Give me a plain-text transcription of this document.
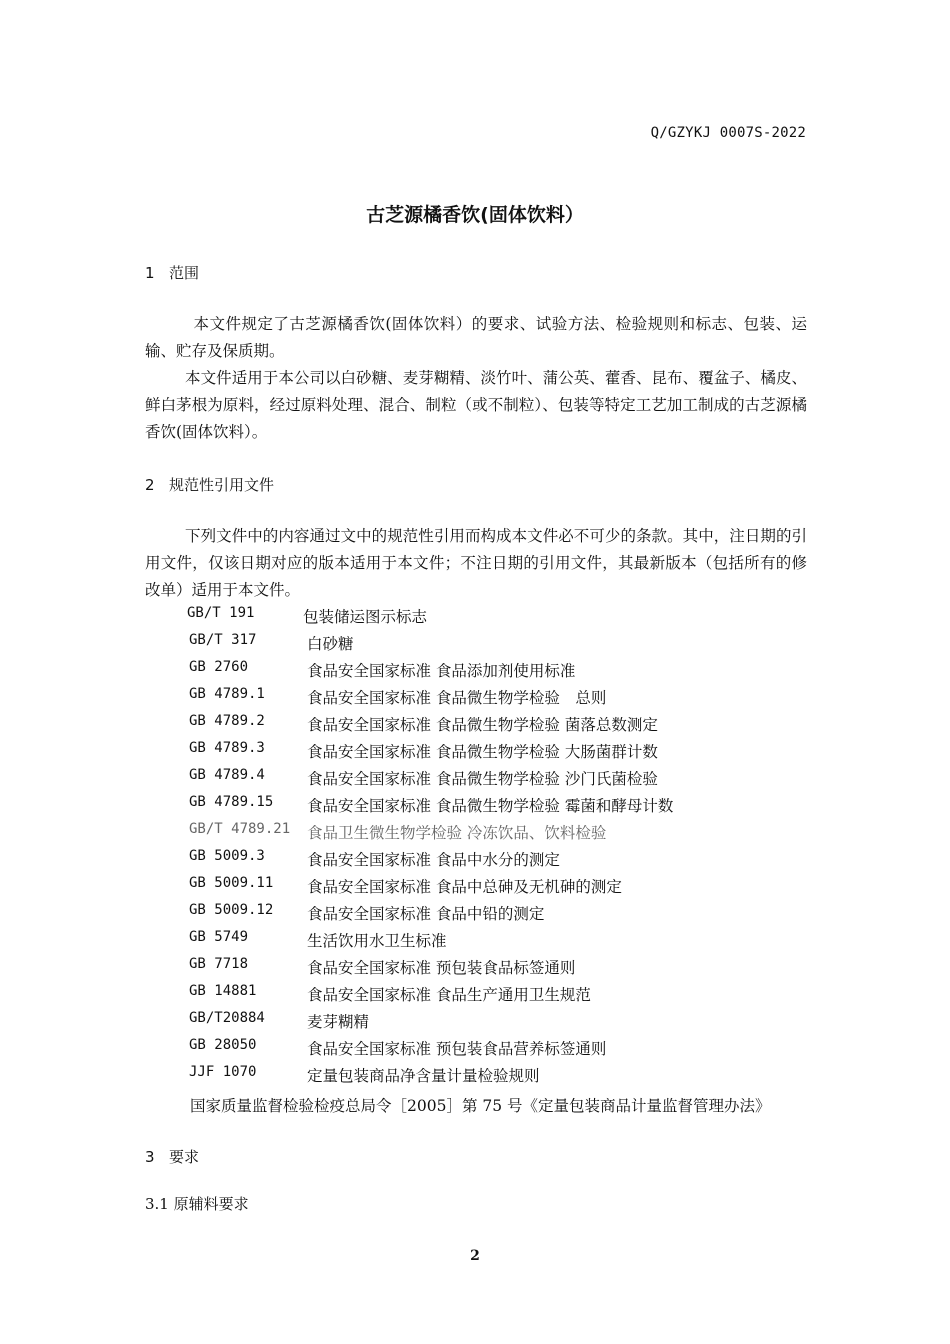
Q/GZYKJ 0007S-2022
古芝源橘香饮(固体饮料）
1 范围
本文件规定了古芝源橘香饮(固体饮料）的要求、试验方法、检验规则和标志、包装、运输、贮存及保质期。
本文件适用于本公司以白砂糖、麦芽糊精、淡竹叶、蒲公英、藿香、昆布、覆盆子、橘皮、鲜白茅根为原料，经过原料处理、混合、制粒（或不制粒）、包装等特定工艺加工制成的古芝源橘香饮(固体饮料）。
2 规范性引用文件
下列文件中的内容通过文中的规范性引用而构成本文件必不可少的条款。其中，注日期的引用文件，仅该日期对应的版本适用于本文件；不注日期的引用文件，其最新版本（包括所有的修改单）适用于本文件。
GB/T 191	包装储运图示标志
GB/T 317	白砂糖
GB 2760	食品安全国家标准 食品添加剂使用标准
GB 4789.1	食品安全国家标准 食品微生物学检验　总则
GB 4789.2	食品安全国家标准 食品微生物学检验 菌落总数测定
GB 4789.3	食品安全国家标准 食品微生物学检验 大肠菌群计数
GB 4789.4	食品安全国家标准 食品微生物学检验 沙门氏菌检验
GB 4789.15 食品安全国家标准 食品微生物学检验 霉菌和酵母计数
GB/T 4789.21 食品卫生微生物学检验 冷冻饮品、饮料检验
GB 5009.3	食品安全国家标准 食品中水分的测定
GB 5009.11 食品安全国家标准 食品中总砷及无机砷的测定
GB 5009.12 食品安全国家标准 食品中铅的测定
GB 5749	生活饮用水卫生标准
GB 7718	食品安全国家标准 预包装食品标签通则
GB 14881	食品安全国家标准 食品生产通用卫生规范
GB/T20884	麦芽糊精
GB 28050	食品安全国家标准 预包装食品营养标签通则
JJF 1070	定量包装商品净含量计量检验规则
国家质量监督检验检疫总局令［2005］第 75 号《定量包装商品计量监督管理办法》
3 要求
3.1 原辅料要求
2
